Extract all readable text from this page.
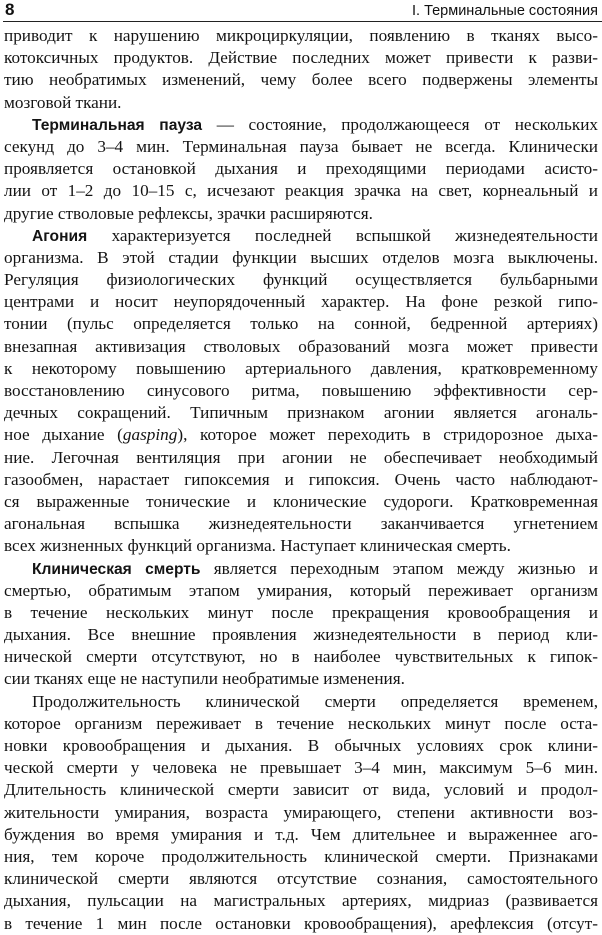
8	I. Терминальные состояния

приводит к нарушению микроциркуляции, появлению в тканях высо-
котоксичных продуктов. Действие последних может привести к разви-
тию необратимых изменений, чему более всего подвержены элементы
мозговой ткани.

Терминальная пауза — состояние, продолжающееся от нескольких
секунд до 3–4 мин. Терминальная пауза бывает не всегда. Клинически
проявляется остановкой дыхания и преходящими периодами асисто-
лии от 1–2 до 10–15 с, исчезают реакция зрачка на свет, корнеальный и
другие стволовые рефлексы, зрачки расширяются.

Агония характеризуется последней вспышкой жизнедеятельности
организма. В этой стадии функции высших отделов мозга выключены.
Регуляция физиологических функций осуществляется бульбарными
центрами и носит неупорядоченный характер. На фоне резкой гипо-
тонии (пульс определяется только на сонной, бедренной артериях)
внезапная активизация стволовых образований мозга может привести
к некоторому повышению артериального давления, кратковременному
восстановлению синусового ритма, повышению эффективности сер-
дечных сокращений. Типичным признаком агонии является агональ-
ное дыхание (gasping), которое может переходить в стридорозное дыха-
ние. Легочная вентиляция при агонии не обеспечивает необходимый
газообмен, нарастает гипоксемия и гипоксия. Очень часто наблюдают-
ся выраженные тонические и клонические судороги. Кратковременная
агональная вспышка жизнедеятельности заканчивается угнетением
всех жизненных функций организма. Наступает клиническая смерть.

Клиническая смерть является переходным этапом между жизнью и
смертью, обратимым этапом умирания, который переживает организм
в течение нескольких минут после прекращения кровообращения и
дыхания. Все внешние проявления жизнедеятельности в период кли-
нической смерти отсутствуют, но в наиболее чувствительных к гипок-
сии тканях еще не наступили необратимые изменения.

Продолжительность клинической смерти определяется временем,
которое организм переживает в течение нескольких минут после оста-
новки кровообращения и дыхания. В обычных условиях срок клини-
ческой смерти у человека не превышает 3–4 мин, максимум 5–6 мин.
Длительность клинической смерти зависит от вида, условий и продол-
жительности умирания, возраста умирающего, степени активности воз-
буждения во время умирания и т.д. Чем длительнее и выраженнее аго-
ния, тем короче продолжительность клинической смерти. Признаками
клинической смерти являются отсутствие сознания, самостоятельного
дыхания, пульсации на магистральных артериях, мидриаз (развивается
в течение 1 мин после остановки кровообращения), арефлексия (отсут-
